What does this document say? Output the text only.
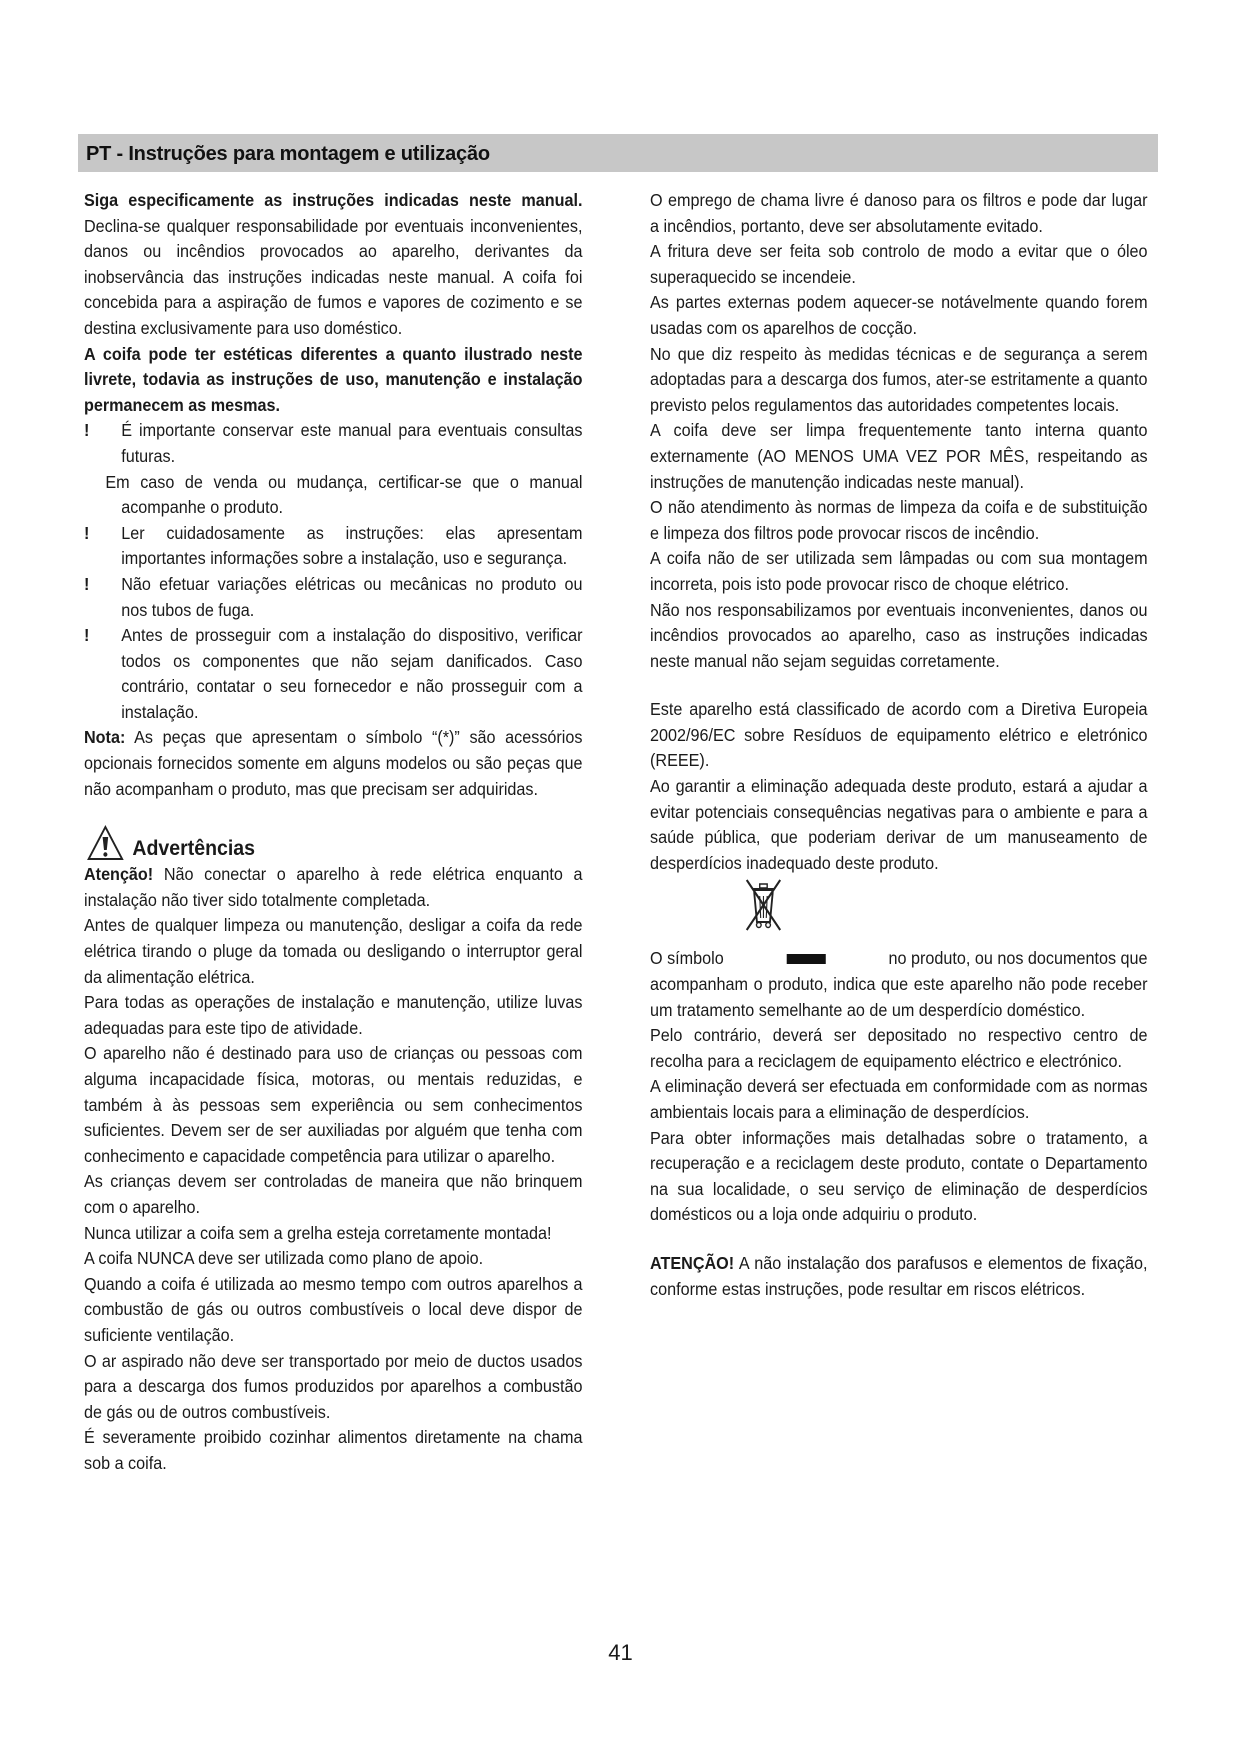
PT - Instruções para montagem e utilização

Siga especificamente as instruções indicadas neste manual. Declina-se qualquer responsabilidade por eventuais inconvenientes, danos ou incêndios provocados ao aparelho, derivantes da inobservância das instruções indicadas neste manual. A coifa foi concebida para a aspiração de fumos e vapores de cozimento e se destina exclusivamente para uso doméstico.

A coifa pode ter estéticas diferentes a quanto ilustrado neste livrete, todavia as instruções de uso, manutenção e instalação permanecem as mesmas.

! É importante conservar este manual para eventuais consultas futuras.

Em caso de venda ou mudança, certificar-se que o manual acompanhe o produto.

! Ler cuidadosamente as instruções: elas apresentam importantes informações sobre a instalação, uso e segurança.

! Não efetuar variações elétricas ou mecânicas no produto ou nos tubos de fuga.

! Antes de prosseguir com a instalação do dispositivo, verificar todos os componentes que não sejam danificados. Caso contrário, contatar o seu fornecedor e não prosseguir com a instalação.

Nota: As peças que apresentam o símbolo “(*)” são acessórios opcionais fornecidos somente em alguns modelos ou são peças que não acompanham o produto, mas que precisam ser adquiridas.

Advertências

Atenção! Não conectar o aparelho à rede elétrica enquanto a instalação não tiver sido totalmente completada.

Antes de qualquer limpeza ou manutenção, desligar a coifa da rede elétrica tirando o pluge da tomada ou desligando o interruptor geral da alimentação elétrica.

Para todas as operações de instalação e manutenção, utilize luvas adequadas para este tipo de atividade.

O aparelho não é destinado para uso de crianças ou pessoas com alguma incapacidade física, motoras, ou mentais reduzidas, e também à às pessoas sem experiência ou sem conhecimentos suficientes. Devem ser de ser auxiliadas por alguém que tenha com conhecimento e capacidade competência para utilizar o aparelho.

As crianças devem ser controladas de maneira que não brinquem com o aparelho.

Nunca utilizar a coifa sem a grelha esteja corretamente montada!

A coifa NUNCA deve ser utilizada como plano de apoio.

Quando a coifa é utilizada ao mesmo tempo com outros aparelhos a combustão de gás ou outros combustíveis o local deve dispor de suficiente ventilação.

O ar aspirado não deve ser transportado por meio de ductos usados para a descarga dos fumos produzidos por aparelhos a combustão de gás ou de outros combustíveis.

É severamente proibido cozinhar alimentos diretamente na chama sob a coifa.

O emprego de chama livre é danoso para os filtros e pode dar lugar a incêndios, portanto, deve ser absolutamente evitado.

A fritura deve ser feita sob controlo de modo a evitar que o óleo superaquecido se incendeie.

As partes externas podem aquecer-se notávelmente quando forem usadas com os aparelhos de cocção.

No que diz respeito às medidas técnicas e de segurança a serem adoptadas para a descarga dos fumos, ater-se estritamente a quanto previsto pelos regulamentos das autoridades competentes locais.

A coifa deve ser limpa frequentemente tanto interna quanto externamente (AO MENOS UMA VEZ POR MÊS, respeitando as instruções de manutenção indicadas neste manual).

O não atendimento às normas de limpeza da coifa e de substituição e limpeza dos filtros pode provocar riscos de incêndio.

A coifa não de ser utilizada sem lâmpadas ou com sua montagem incorreta, pois isto pode provocar risco de choque elétrico.

Não nos responsabilizamos por eventuais inconvenientes, danos ou incêndios provocados ao aparelho, caso as instruções indicadas neste manual não sejam seguidas corretamente.

Este aparelho está classificado de acordo com a Diretiva Europeia 2002/96/EC sobre Resíduos de equipamento elétrico e eletrónico (REEE).

Ao garantir a eliminação adequada deste produto, estará a ajudar a evitar potenciais consequências negativas para o ambiente e para a saúde pública, que poderiam derivar de um manuseamento de desperdícios inadequado deste produto.

O símbolo	no produto, ou nos documentos que

acompanham o produto, indica que este aparelho não pode receber um tratamento semelhante ao de um desperdício doméstico.

Pelo contrário, deverá ser depositado no respectivo centro de recolha para a reciclagem de equipamento eléctrico e electrónico.

A eliminação deverá ser efectuada em conformidade com as normas ambientais locais para a eliminação de desperdícios.

Para obter informações mais detalhadas sobre o tratamento, a recuperação e a reciclagem deste produto, contate o Departamento na sua localidade, o seu serviço de eliminação de desperdícios domésticos ou a loja onde adquiriu o produto.

ATENÇÃO! A não instalação dos parafusos e elementos de fixação, conforme estas instruções, pode resultar em riscos elétricos.

41
